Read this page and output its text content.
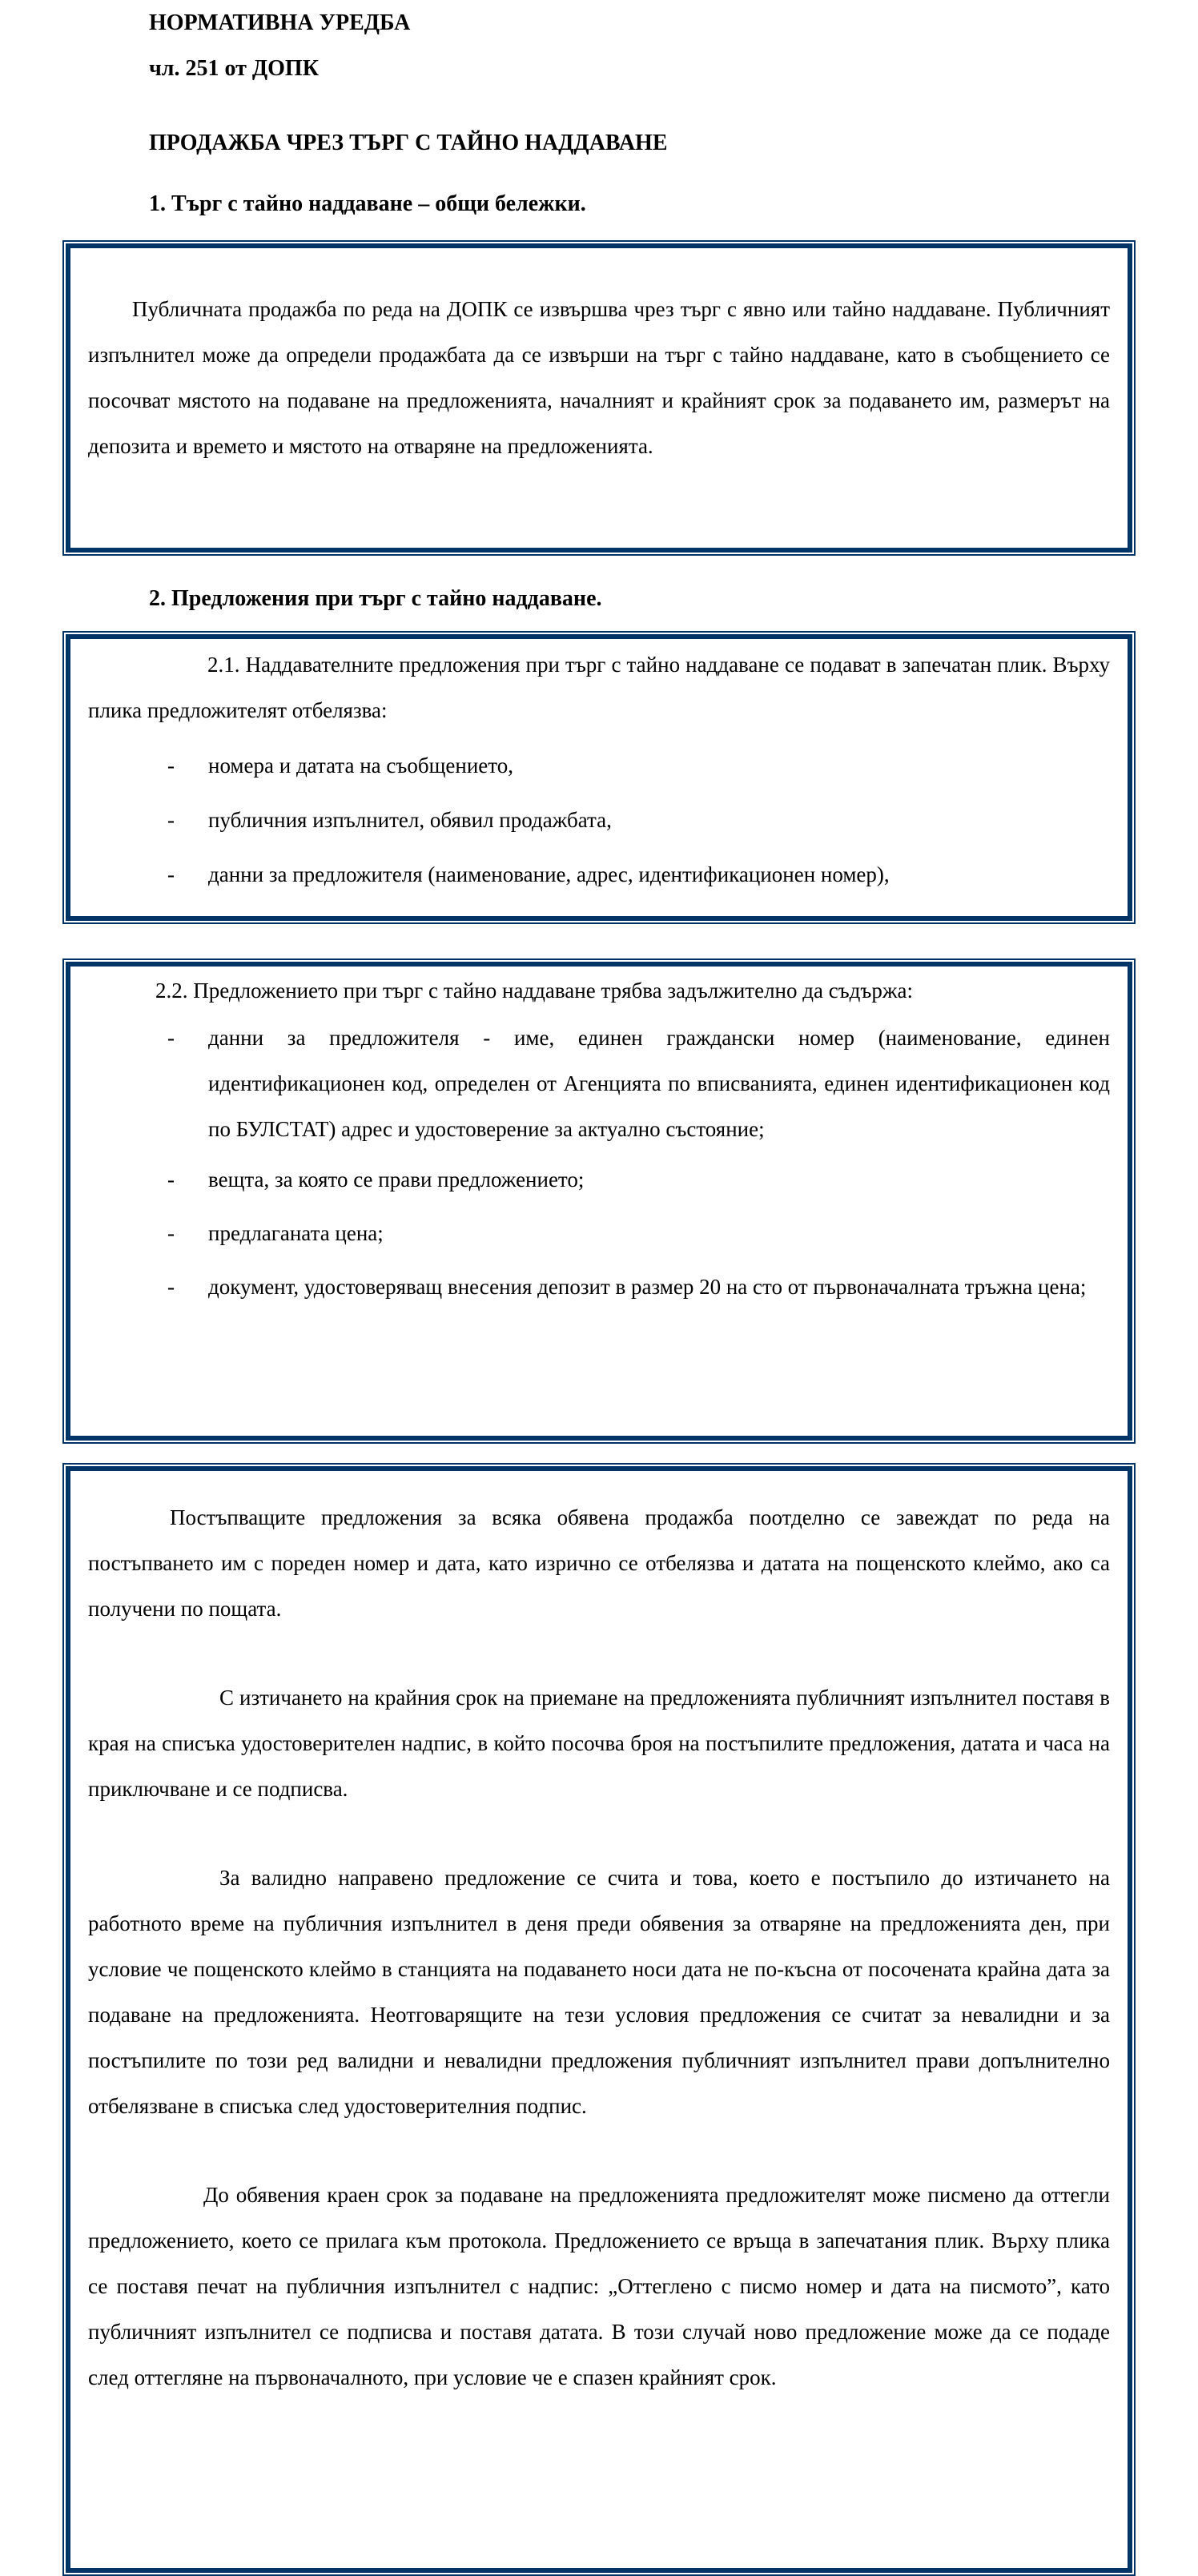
НОРМАТИВНА УРЕДБА
чл. 251 от ДОПК
ПРОДАЖБА ЧРЕЗ ТЪРГ С ТАЙНО НАДДАВАНЕ
1. Търг с тайно наддаване – общи бележки.

Публичната продажба по реда на ДОПК се извършва чрез търг с явно или тайно наддаване. Публичният изпълнител може да определи продажбата да се извърши на търг с тайно наддаване, като в съобщението се посочват мястото на подаване на предложенията, началният и крайният срок за подаването им, размерът на депозита и времето и мястото на отваряне на предложенията.

2. Предложения при търг с тайно наддаване.

2.1. Наддавателните предложения при търг с тайно наддаване се подават в запечатан плик. Върху плика предложителят отбелязва:

- номера и датата на съобщението,

- публичния изпълнител, обявил продажбата,

- данни за предложителя (наименование, адрес, идентификационен номер),

2.2. Предложението при търг с тайно наддаване трябва задължително да съдържа:

- данни за предложителя - име, единен граждански номер (наименование, единен идентификационен код, определен от Агенцията по вписванията, единен идентификационен код по БУЛСТАТ) адрес и удостоверение за актуално състояние;

- вещта, за която се прави предложението;

- предлаганата цена;

- документ, удостоверяващ внесения депозит в размер 20 на сто от първоначалната тръжна цена;

Постъпващите предложения за всяка обявена продажба поотделно се завеждат по реда на постъпването им с пореден номер и дата, като изрично се отбелязва и датата на пощенското клеймо, ако са получени по пощата.

С изтичането на крайния срок на приемане на предложенията публичният изпълнител поставя в края на списъка удостоверителен надпис, в който посочва броя на постъпилите предложения, датата и часа на приключване и се подписва.

За валидно направено предложение се счита и това, което е постъпило до изтичането на работното време на публичния изпълнител в деня преди обявения за отваряне на предложенията ден, при условие че пощенското клеймо в станцията на подаването носи дата не по-късна от посочената крайна дата за подаване на предложенията. Неотговарящите на тези условия предложения се считат за невалидни и за постъпилите по този ред валидни и невалидни предложения публичният изпълнител прави допълнително отбелязване в списъка след удостоверителния подпис.

До обявения краен срок за подаване на предложенията предложителят може писмено да оттегли предложението, което се прилага към протокола. Предложението се връща в запечатания плик. Върху плика се поставя печат на публичния изпълнител с надпис: „Оттеглено с писмо номер и дата на писмото”, като публичният изпълнител се подписва и поставя датата. В този случай ново предложение може да се подаде след оттегляне на първоначалното, при условие че е спазен крайният срок.
